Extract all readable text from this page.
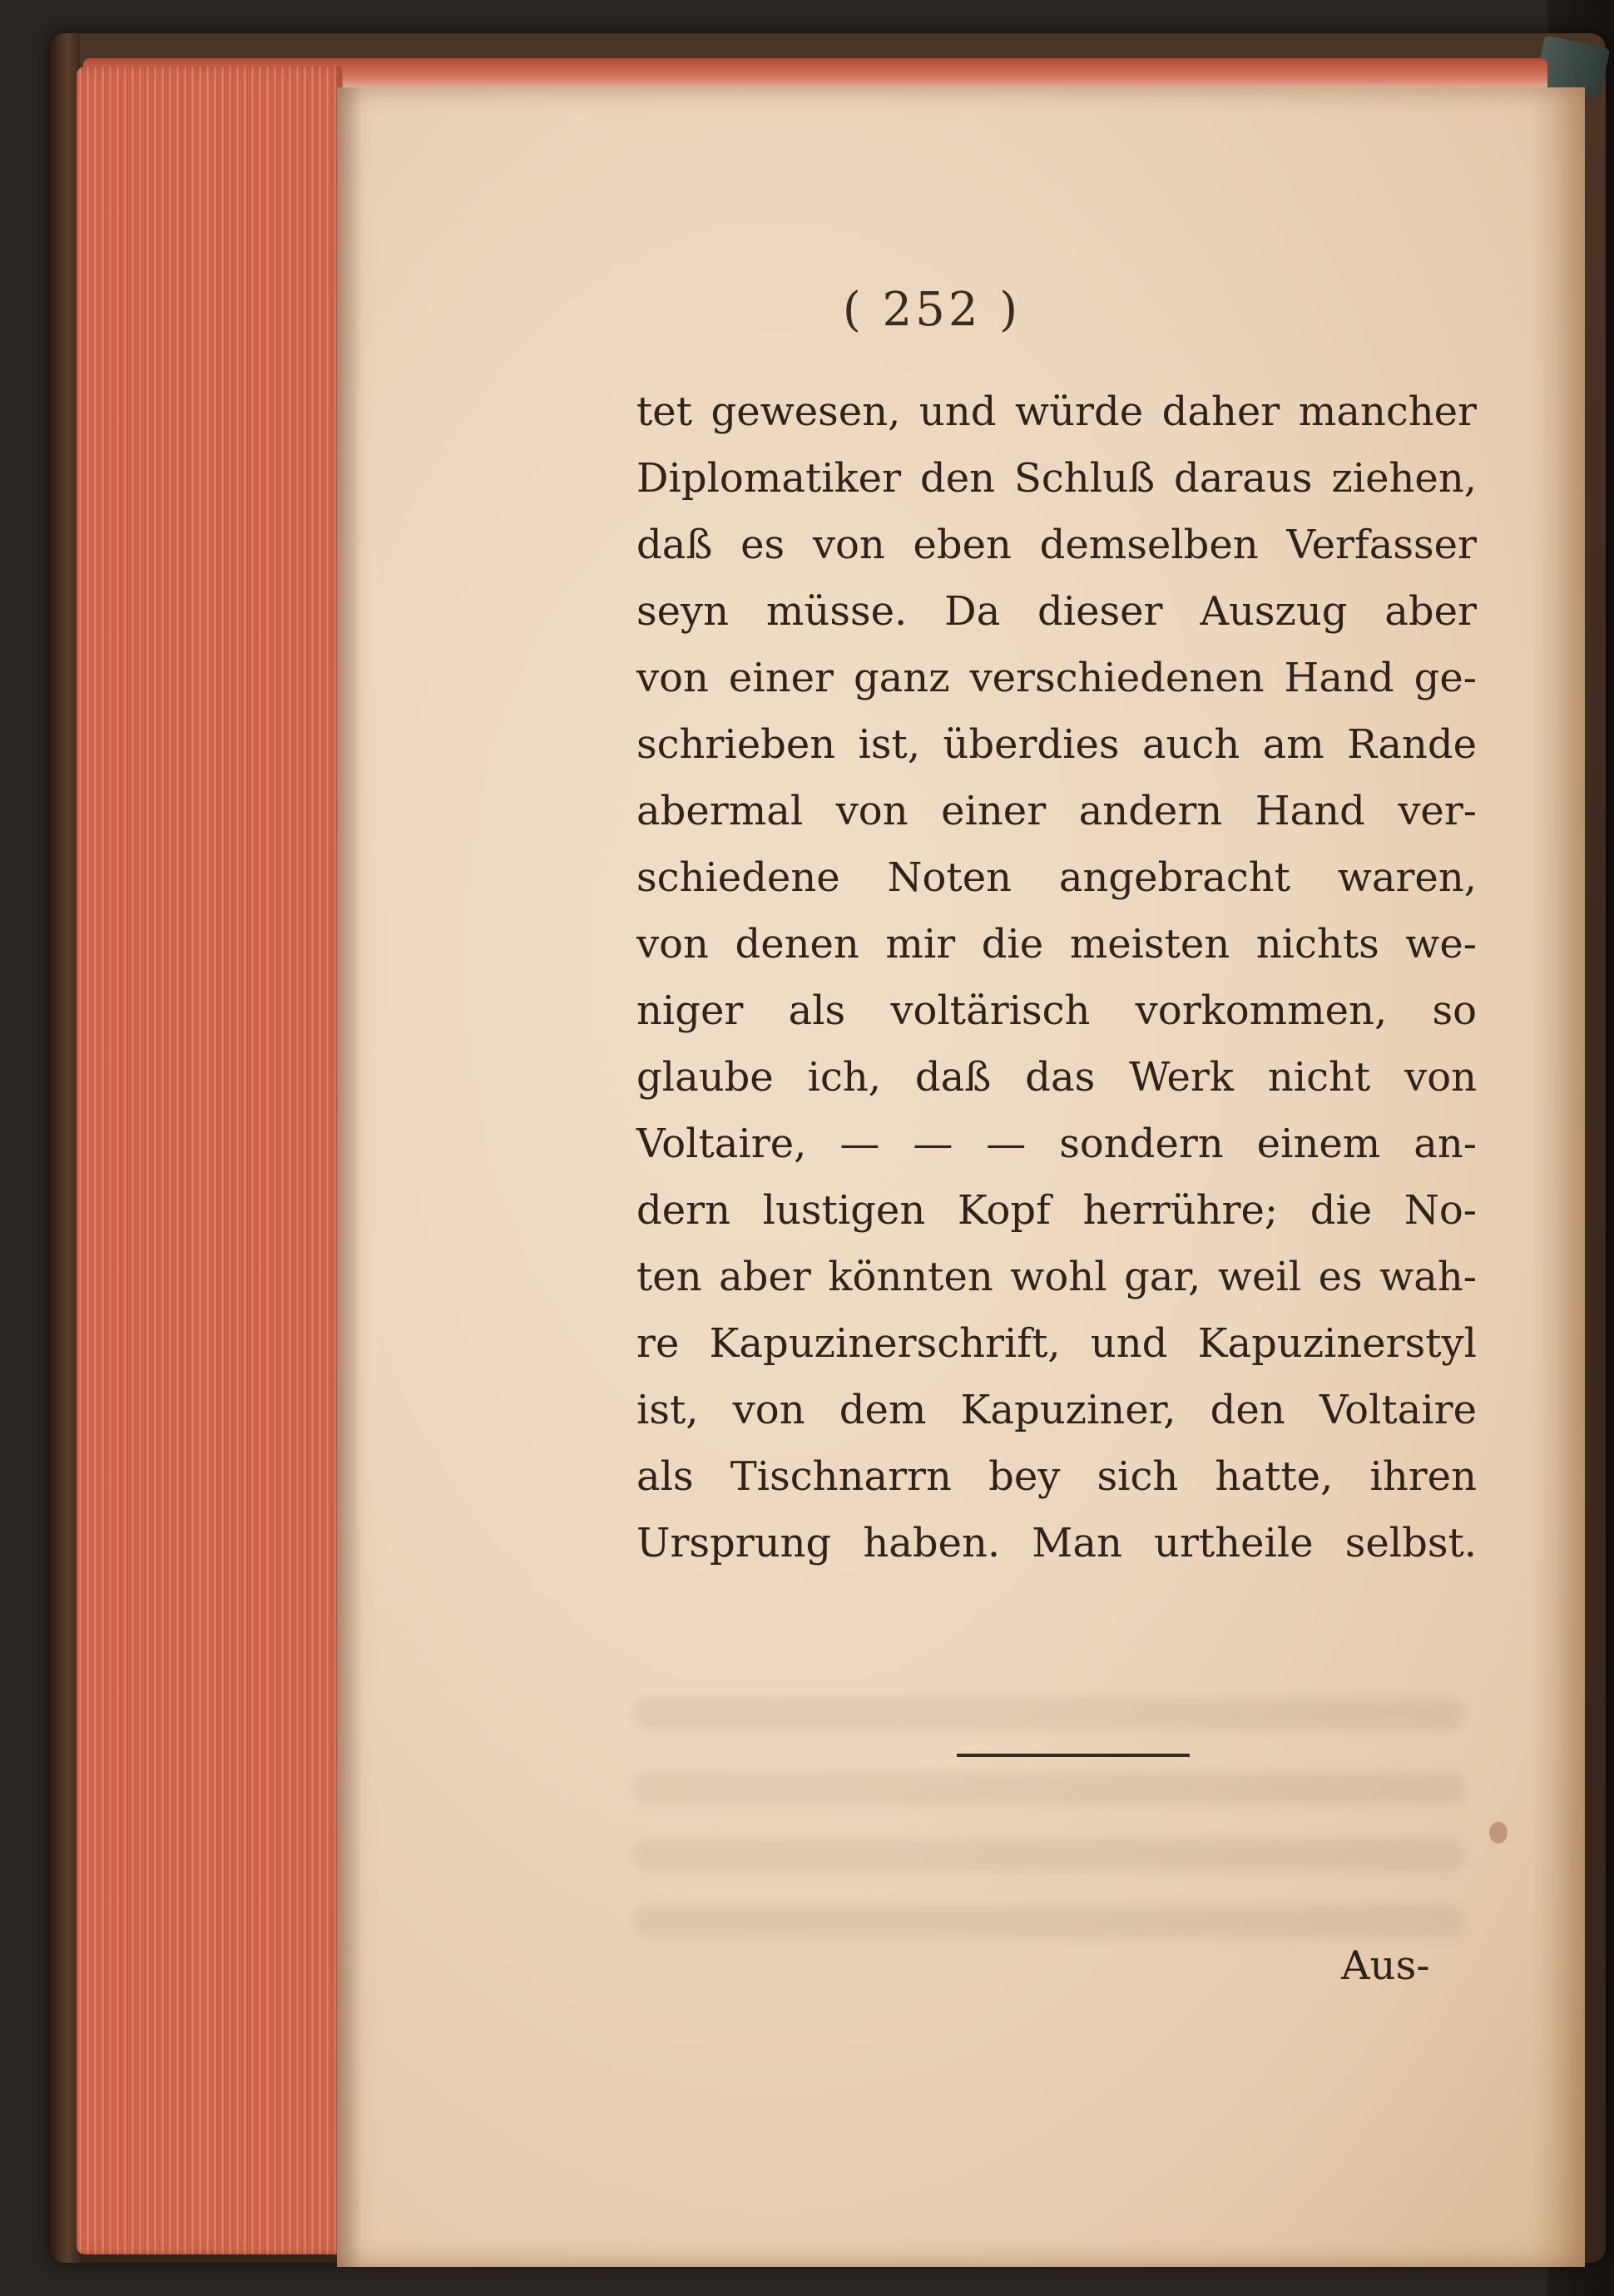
( 252 )
tet gewesen, und würde daher mancher
Diplomatiker den Schluß daraus ziehen,
daß es von eben demselben Verfasser
seyn müsse. Da dieser Auszug aber
von einer ganz verschiedenen Hand ge-
schrieben ist, überdies auch am Rande
abermal von einer andern Hand ver-
schiedene Noten angebracht waren,
von denen mir die meisten nichts we-
niger als voltärisch vorkommen, so
glaube ich, daß das Werk nicht von
Voltaire, — — — sondern einem an-
dern lustigen Kopf herrühre; die No-
ten aber könnten wohl gar, weil es wah-
re Kapuzinerschrift, und Kapuzinerstyl
ist, von dem Kapuziner, den Voltaire
als Tischnarrn bey sich hatte, ihren
Ursprung haben. Man urtheile selbst.
Aus-
